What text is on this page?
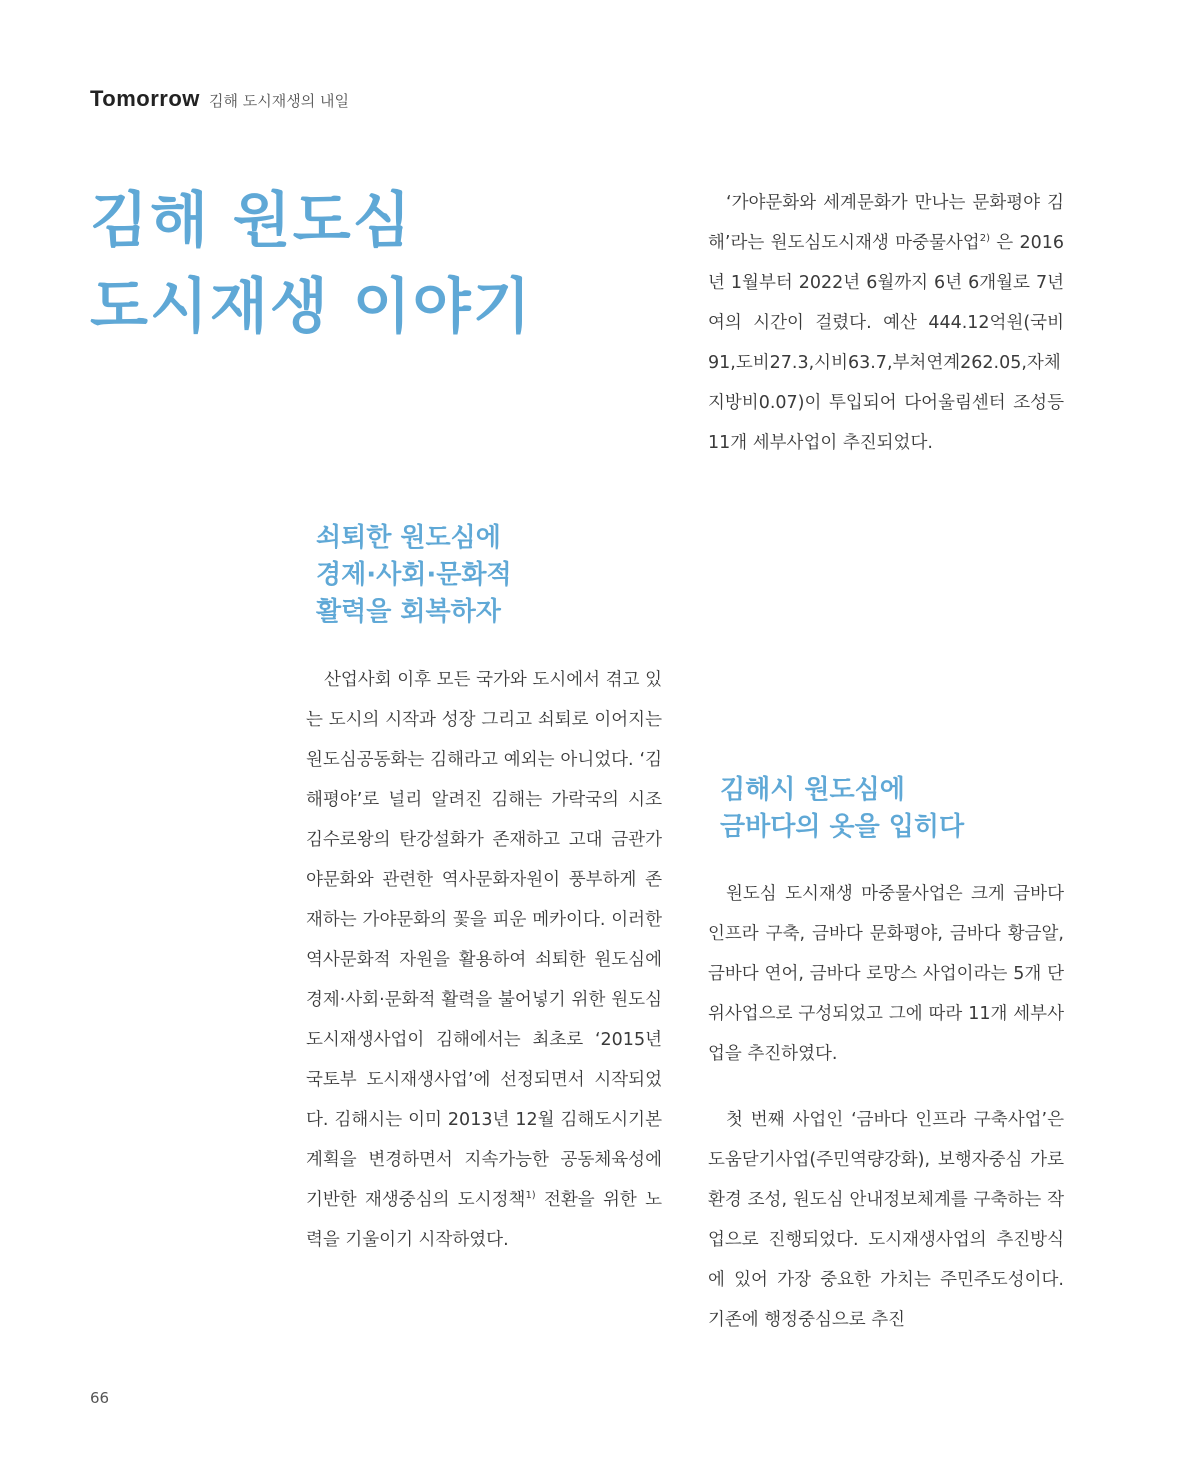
Tomorrow 김해 도시재생의 내일
김해 원도심
도시재생 이야기

‘가야문화와 세계문화가 만나는 문화평야 김해’라는 원도심도시재생 마중물사업$^{2)}$ 은 2016년 1월부터 2022년 6월까지 6년 6개월로 7년여의 시간이 걸렸다. 예산 444.12억원(국비91,도비27.3,시비63.7,부처연계262.05,자체지방비0.07)이 투입되어 다어울림센터 조성등 11개 세부사업이 추진되었다.

쇠퇴한 원도심에
경제·사회·문화적
활력을 회복하자

산업사회 이후 모든 국가와 도시에서 겪고 있는 도시의 시작과 성장 그리고 쇠퇴로 이어지는 원도심공동화는 김해라고 예외는 아니었다. ‘김해평야’로 널리 알려진 김해는 가락국의 시조 김수로왕의 탄강설화가 존재하고 고대 금관가야문화와 관련한 역사문화자원이 풍부하게 존재하는 가야문화의 꽃을 피운 메카이다. 이러한 역사문화적 자원을 활용하여 쇠퇴한 원도심에 경제·사회·문화적 활력을 불어넣기 위한 원도심 도시재생사업이 김해에서는 최초로 ‘2015년 국토부 도시재생사업’에 선정되면서 시작되었다. 김해시는 이미 2013년 12월 김해도시기본계획을 변경하면서 지속가능한 공동체육성에 기반한 재생중심의 도시정책$^{1)}$ 전환을 위한 노력을 기울이기 시작하였다.

김해시 원도심에
금바다의 옷을 입히다

원도심 도시재생 마중물사업은 크게 금바다 인프라 구축, 금바다 문화평야, 금바다 황금알, 금바다 연어, 금바다 로망스 사업이라는 5개 단위사업으로 구성되었고 그에 따라 11개 세부사업을 추진하였다.

첫 번째 사업인 ‘금바다 인프라 구축사업’은 도움닫기사업(주민역량강화), 보행자중심 가로환경 조성, 원도심 안내정보체계를 구축하는 작업으로 진행되었다. 도시재생사업의 추진방식에 있어 가장 중요한 가치는 주민주도성이다. 기존에 행정중심으로 추진

66
